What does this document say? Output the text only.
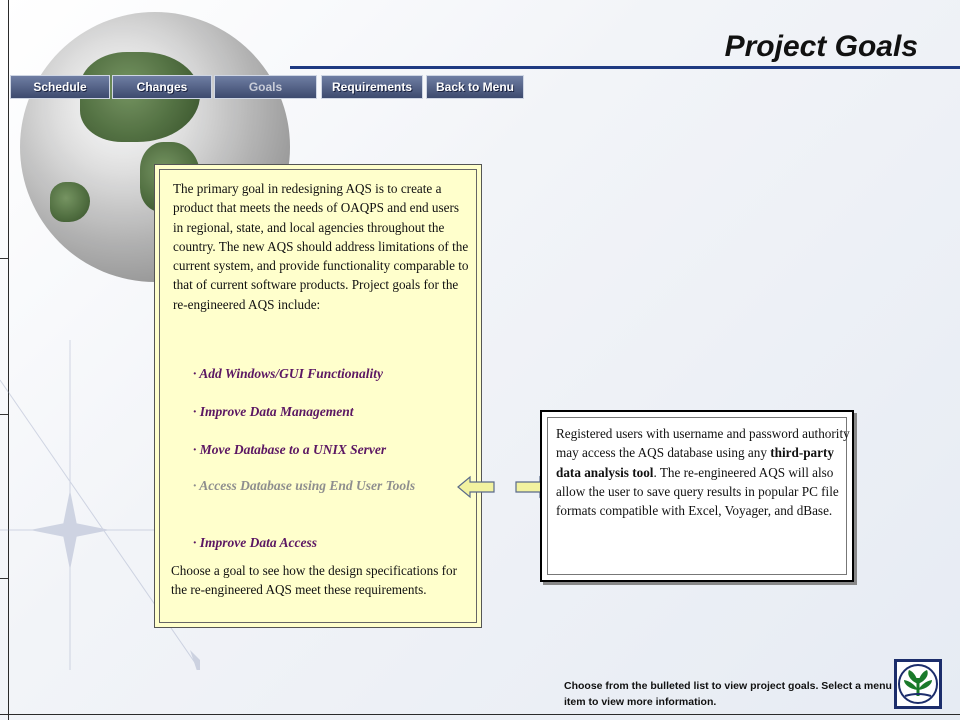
Project Goals
Schedule	Changes	Goals	Requirements	Back to Menu
The primary goal in redesigning AQS is to create a product that meets the needs of OAQPS and end users in regional, state, and local agencies throughout the country. The new AQS should address limitations of the current system, and provide functionality comparable to that of current software products. Project goals for the re-engineered AQS include:
· Add Windows/GUI Functionality
· Improve Data Management
· Move Database to a UNIX Server
· Access Database using End User Tools
· Improve Data Access
Choose a goal to see how the design specifications for the re-engineered AQS meet these requirements.
Registered users with username and password authority may access the AQS database using any third-party data analysis tool. The re-engineered AQS will also allow the user to save query results in popular PC file formats compatible with Excel, Voyager, and dBase.
Choose from the bulleted list to view project goals. Select a menu item to view more information.
